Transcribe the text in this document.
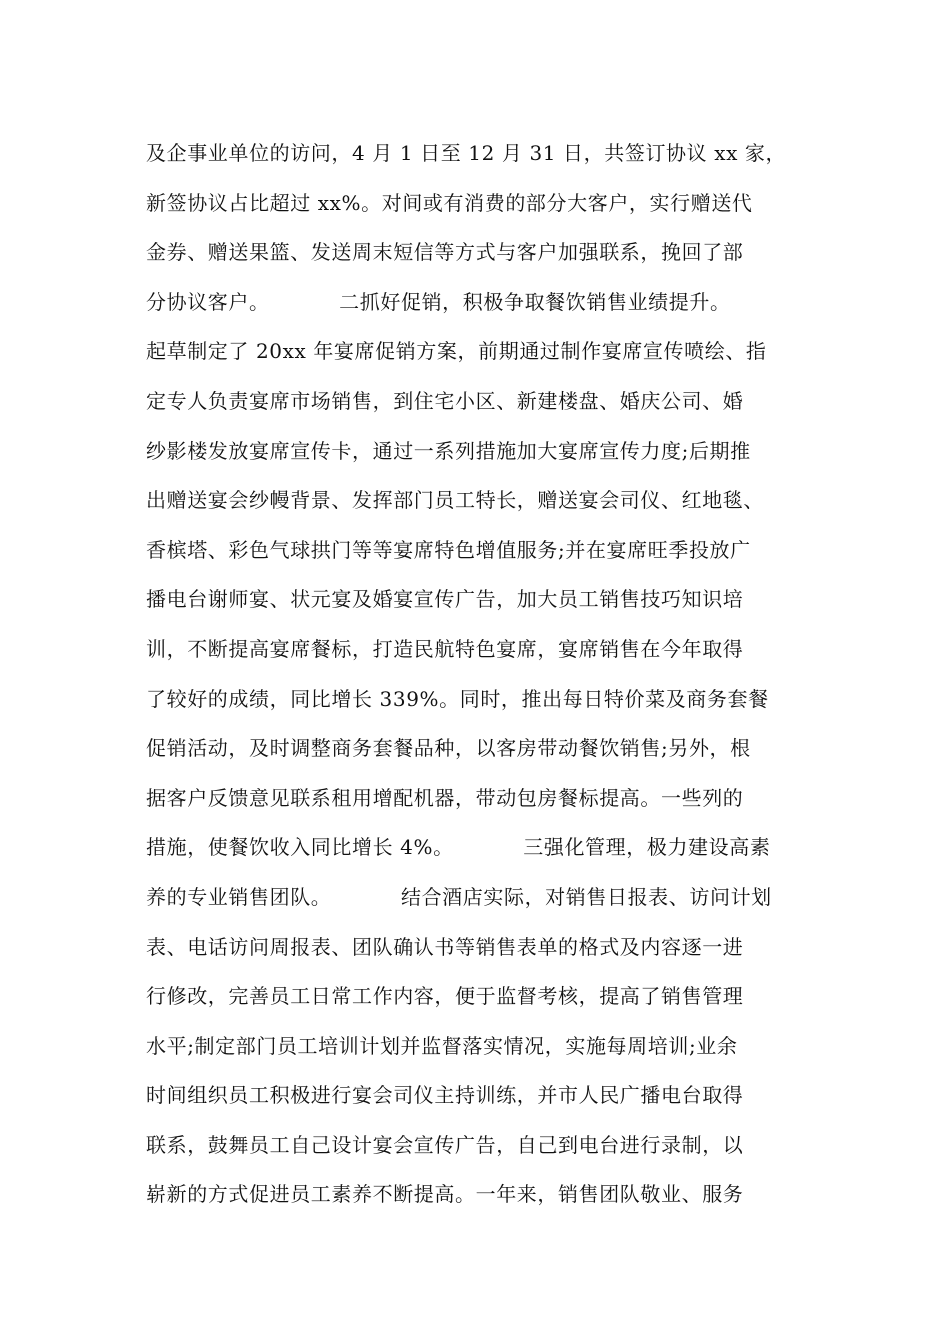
及企事业单位的访问，4 月 1 日至 12 月 31 日，共签订协议 xx 家，
新签协议占比超过 xx%。对间或有消费的部分大客户，实行赠送代
金券、赠送果篮、发送周末短信等方式与客户加强联系，挽回了部
分协议客户。          二抓好促销，积极争取餐饮销售业绩提升。
起草制定了 20xx 年宴席促销方案，前期通过制作宴席宣传喷绘、指
定专人负责宴席市场销售，到住宅小区、新建楼盘、婚庆公司、婚
纱影楼发放宴席宣传卡，通过一系列措施加大宴席宣传力度;后期推
出赠送宴会纱幔背景、发挥部门员工特长，赠送宴会司仪、红地毯、
香槟塔、彩色气球拱门等等宴席特色增值服务;并在宴席旺季投放广
播电台谢师宴、状元宴及婚宴宣传广告，加大员工销售技巧知识培
训，不断提高宴席餐标，打造民航特色宴席，宴席销售在今年取得
了较好的成绩，同比增长 339%。同时，推出每日特价菜及商务套餐
促销活动，及时调整商务套餐品种，以客房带动餐饮销售;另外，根
据客户反馈意见联系租用增配机器，带动包房餐标提高。一些列的
措施，使餐饮收入同比增长 4%。          三强化管理，极力建设高素
养的专业销售团队。          结合酒店实际，对销售日报表、访问计划
表、电话访问周报表、团队确认书等销售表单的格式及内容逐一进
行修改，完善员工日常工作内容，便于监督考核，提高了销售管理
水平;制定部门员工培训计划并监督落实情况，实施每周培训;业余
时间组织员工积极进行宴会司仪主持训练，并市人民广播电台取得
联系，鼓舞员工自己设计宴会宣传广告，自己到电台进行录制，以
崭新的方式促进员工素养不断提高。一年来，销售团队敬业、服务
